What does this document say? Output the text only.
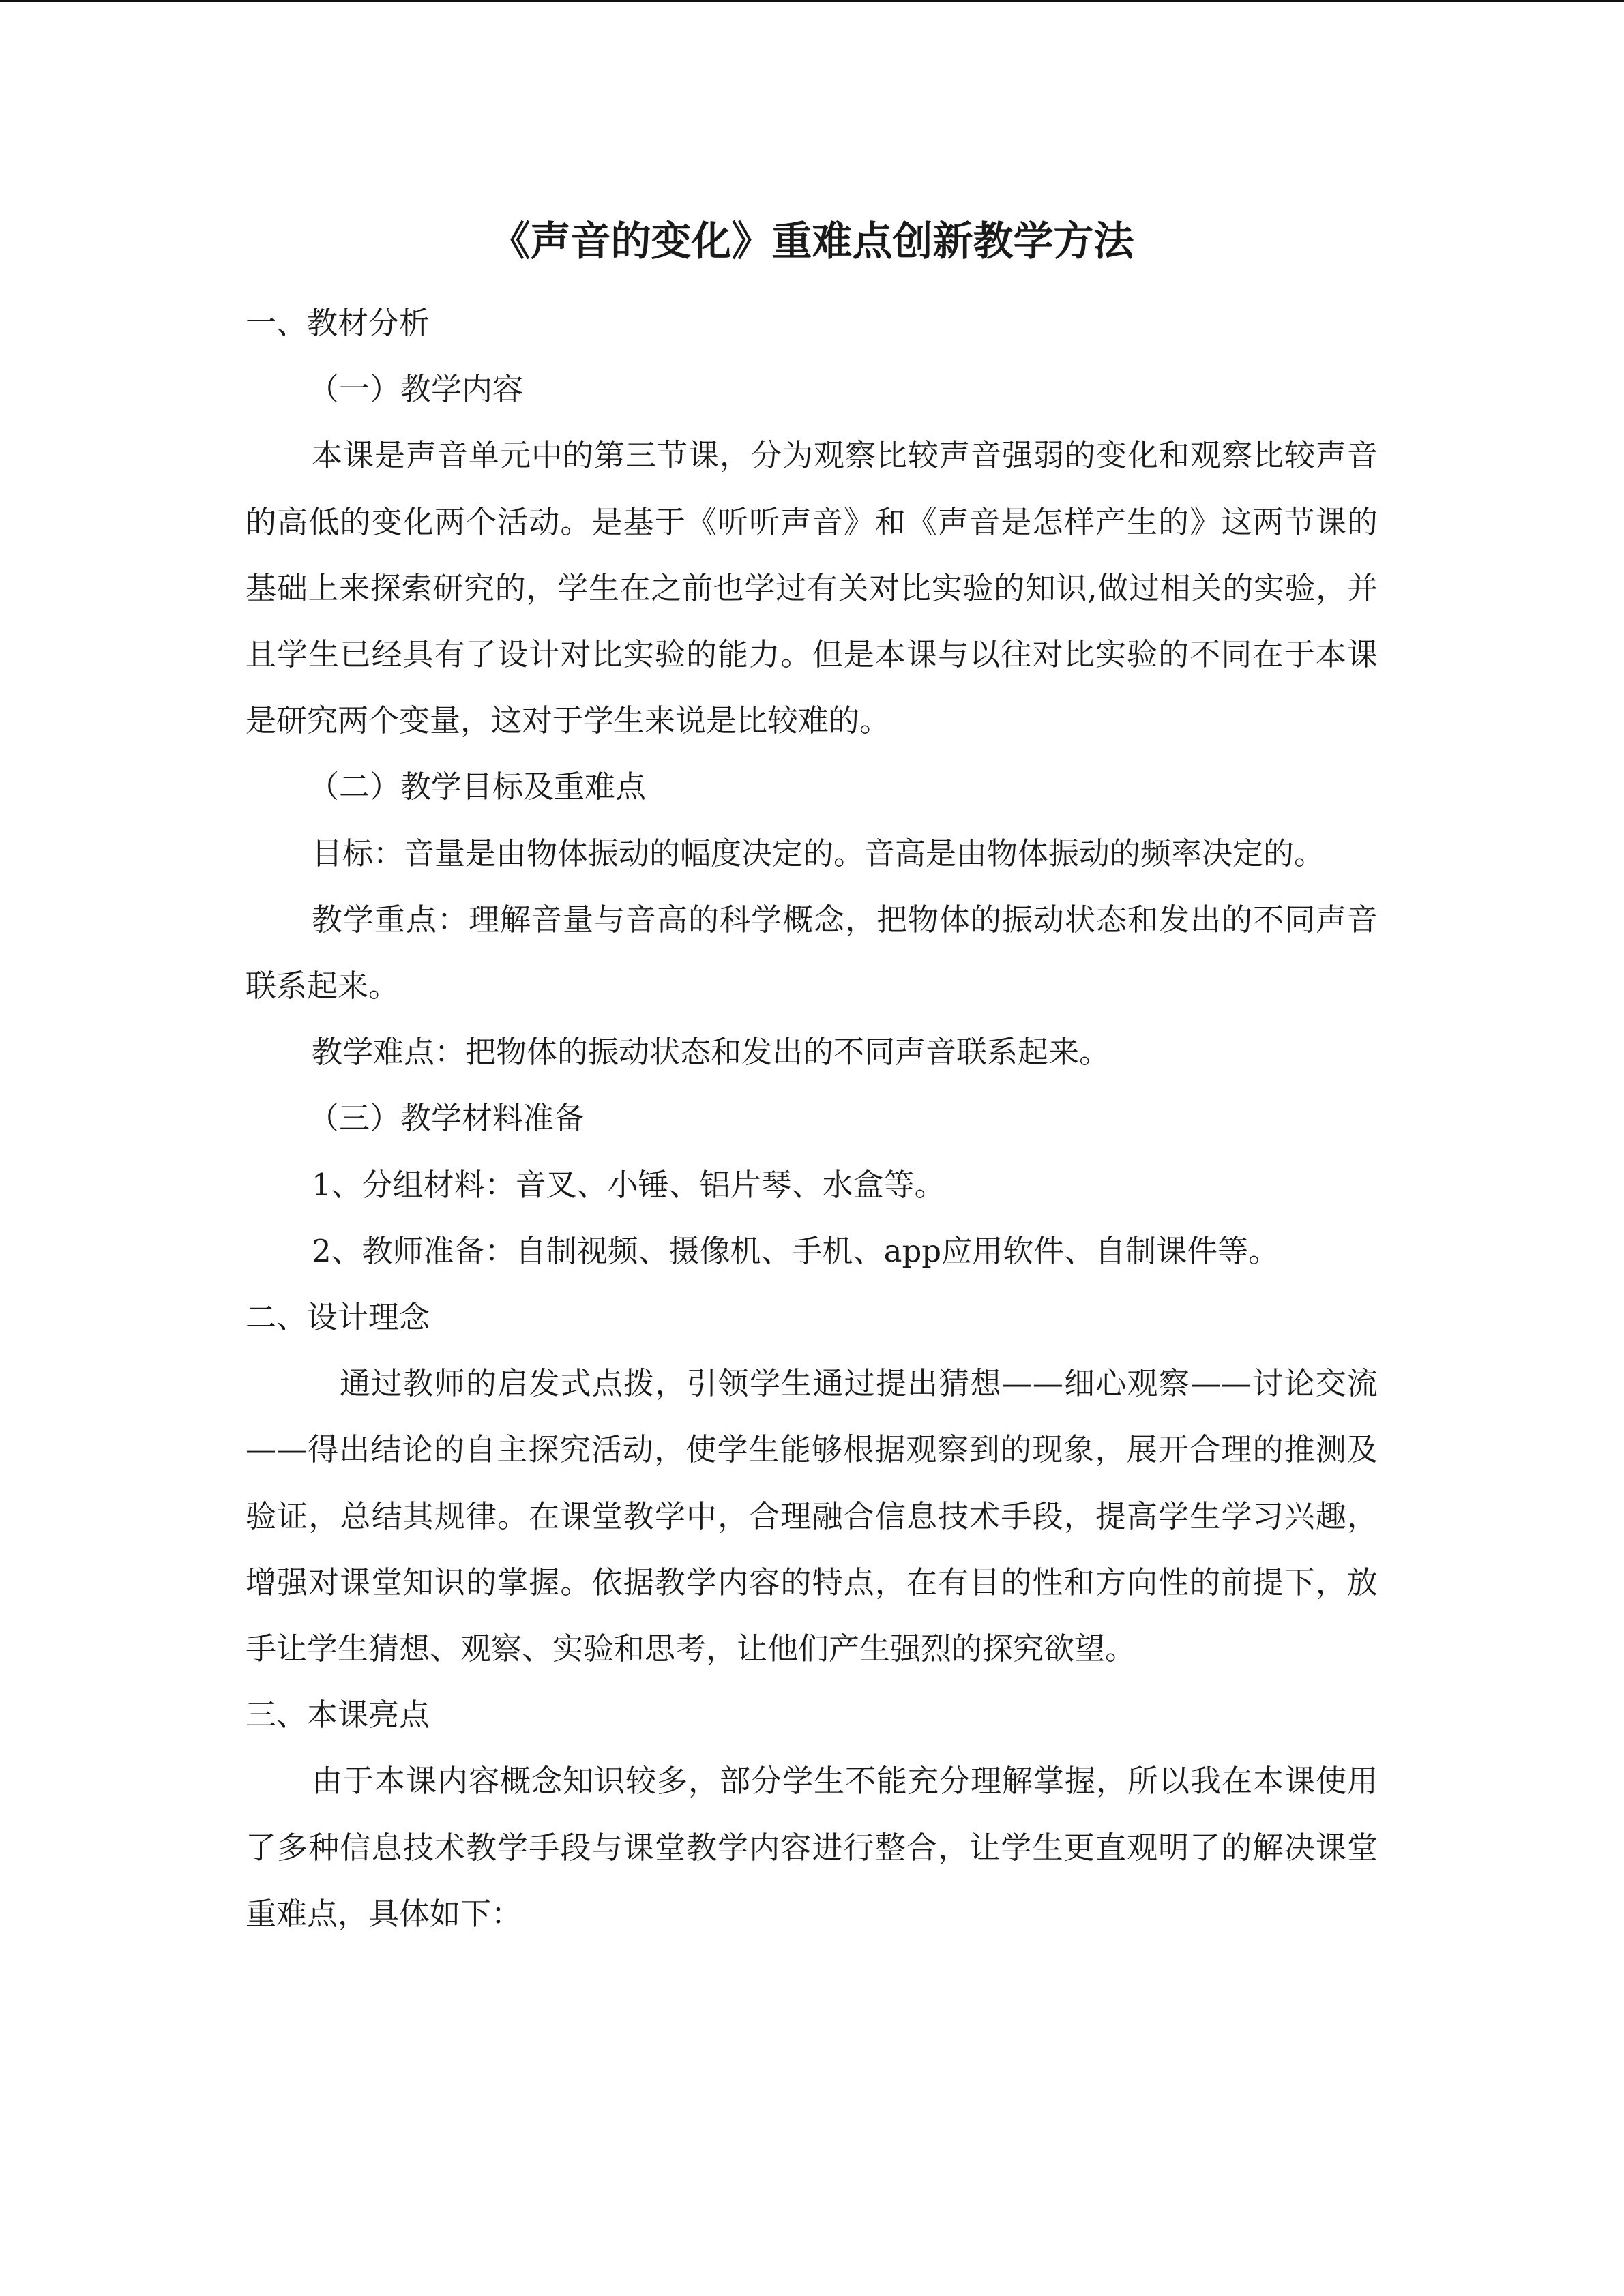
《声音的变化》重难点创新教学方法

一、教材分析

（一）教学内容

本课是声音单元中的第三节课，分为观察比较声音强弱的变化和观察比较声音的高低的变化两个活动。是基于《听听声音》和《声音是怎样产生的》这两节课的基础上来探索研究的，学生在之前也学过有关对比实验的知识,做过相关的实验，并且学生已经具有了设计对比实验的能力。但是本课与以往对比实验的不同在于本课是研究两个变量，这对于学生来说是比较难的。

（二）教学目标及重难点

目标：音量是由物体振动的幅度决定的。音高是由物体振动的频率决定的。

教学重点：理解音量与音高的科学概念，把物体的振动状态和发出的不同声音联系起来。

教学难点：把物体的振动状态和发出的不同声音联系起来。

（三）教学材料准备

1、分组材料：音叉、小锤、铝片琴、水盒等。

2、教师准备：自制视频、摄像机、手机、app应用软件、自制课件等。

二、设计理念

通过教师的启发式点拨，引领学生通过提出猜想——细心观察——讨论交流——得出结论的自主探究活动，使学生能够根据观察到的现象，展开合理的推测及验证，总结其规律。在课堂教学中，合理融合信息技术手段，提高学生学习兴趣，增强对课堂知识的掌握。依据教学内容的特点，在有目的性和方向性的前提下，放手让学生猜想、观察、实验和思考，让他们产生强烈的探究欲望。

三、本课亮点

由于本课内容概念知识较多，部分学生不能充分理解掌握，所以我在本课使用了多种信息技术教学手段与课堂教学内容进行整合，让学生更直观明了的解决课堂重难点，具体如下：
